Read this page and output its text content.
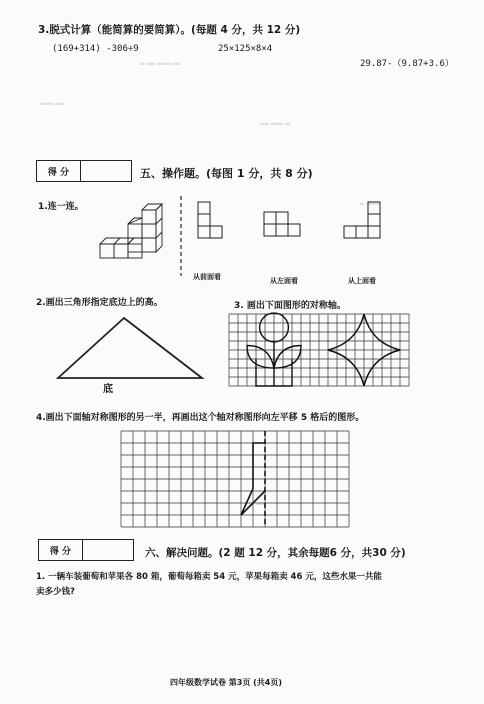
═ ══ ═══ ══
═══ ══
══ ═══ ═
═ ═══
═ ══
3.脱式计算（能简算的要简算）。(每题 4 分，共 12 分)
(169+314) -306÷9	25×125×8×4
29.87-（9.87+3.6）
得 分	五、操作题。(每图 1 分，共 8 分)
1.连一连。
从前面看	从左面看	从上面看
2.画出三角形指定底边上的高。
底
3. 画出下面图形的对称轴。
4.画出下面轴对称图形的另一半，再画出这个轴对称图形向左平移 5 格后的图形。
得 分	六、解决问题。(2 题 12 分，其余每题6 分，共30 分)
1. 一辆车装葡萄和苹果各 80 箱，葡萄每箱卖 54 元，苹果每箱卖 46 元，这些水果一共能
卖多少钱?
四年级数学试卷 第3页 (共4页)
